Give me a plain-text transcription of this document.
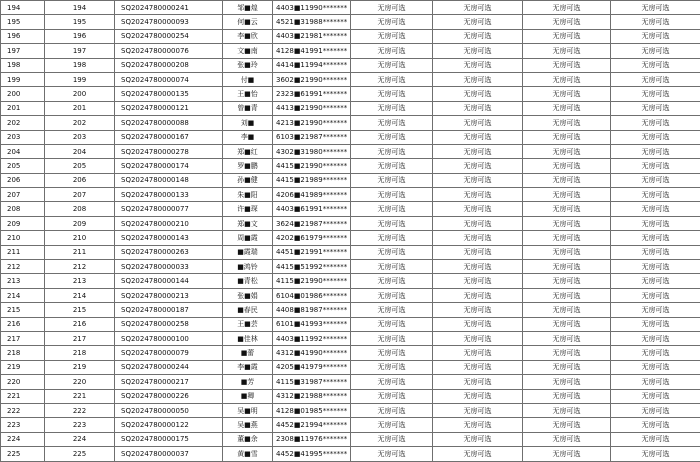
194	194	SQ2024780000241	邹■煌	4403■11990*******	无房可选	无房可选	无房可选	无房可选
195	195	SQ2024780000093	何■云	4521■31988*******	无房可选	无房可选	无房可选	无房可选
196	196	SQ2024780000254	李■欣	4403■21981*******	无房可选	无房可选	无房可选	无房可选
197	197	SQ2024780000076	文■南	4128■41991*******	无房可选	无房可选	无房可选	无房可选
198	198	SQ2024780000208	张■玲	4414■11994*******	无房可选	无房可选	无房可选	无房可选
199	199	SQ2024780000074	付■	3602■21990*******	无房可选	无房可选	无房可选	无房可选
200	200	SQ2024780000135	王■怡	2323■61991*******	无房可选	无房可选	无房可选	无房可选
201	201	SQ2024780000121	曾■青	4413■21990*******	无房可选	无房可选	无房可选	无房可选
202	202	SQ2024780000088	刘■	4213■21990*******	无房可选	无房可选	无房可选	无房可选
203	203	SQ2024780000167	李■	6103■21987*******	无房可选	无房可选	无房可选	无房可选
204	204	SQ2024780000278	郑■红	4302■31980*******	无房可选	无房可选	无房可选	无房可选
205	205	SQ2024780000174	罗■鹏	4415■21990*******	无房可选	无房可选	无房可选	无房可选
206	206	SQ2024780000148	孙■健	4415■21989*******	无房可选	无房可选	无房可选	无房可选
207	207	SQ2024780000133	朱■阳	4206■41989*******	无房可选	无房可选	无房可选	无房可选
208	208	SQ2024780000077	许■琛	4403■61991*******	无房可选	无房可选	无房可选	无房可选
209	209	SQ2024780000210	郑■文	3624■21987*******	无房可选	无房可选	无房可选	无房可选
210	210	SQ2024780000143	周■霞	4202■61979*******	无房可选	无房可选	无房可选	无房可选
211	211	SQ2024780000263	■霞瑞	4451■21991*******	无房可选	无房可选	无房可选	无房可选
212	212	SQ2024780000033	■鸿铃	4415■51992*******	无房可选	无房可选	无房可选	无房可选
213	213	SQ2024780000144	■青松	4115■21990*******	无房可选	无房可选	无房可选	无房可选
214	214	SQ2024780000213	张■娟	6104■01986*******	无房可选	无房可选	无房可选	无房可选
215	215	SQ2024780000187	■春民	4408■81987*******	无房可选	无房可选	无房可选	无房可选
216	216	SQ2024780000258	王■芸	6101■41993*******	无房可选	无房可选	无房可选	无房可选
217	217	SQ2024780000100	■佳林	4403■11992*******	无房可选	无房可选	无房可选	无房可选
218	218	SQ2024780000079	■蕾	4312■41990*******	无房可选	无房可选	无房可选	无房可选
219	219	SQ2024780000244	李■霞	4205■41979*******	无房可选	无房可选	无房可选	无房可选
220	220	SQ2024780000217	■芳	4115■31987*******	无房可选	无房可选	无房可选	无房可选
221	221	SQ2024780000226	■卿	4312■21988*******	无房可选	无房可选	无房可选	无房可选
222	222	SQ2024780000050	吴■明	4128■01985*******	无房可选	无房可选	无房可选	无房可选
223	223	SQ2024780000122	吴■燕	4452■21994*******	无房可选	无房可选	无房可选	无房可选
224	224	SQ2024780000175	董■余	2308■11976*******	无房可选	无房可选	无房可选	无房可选
225	225	SQ2024780000037	黄■雪	4452■41995*******	无房可选	无房可选	无房可选	无房可选
